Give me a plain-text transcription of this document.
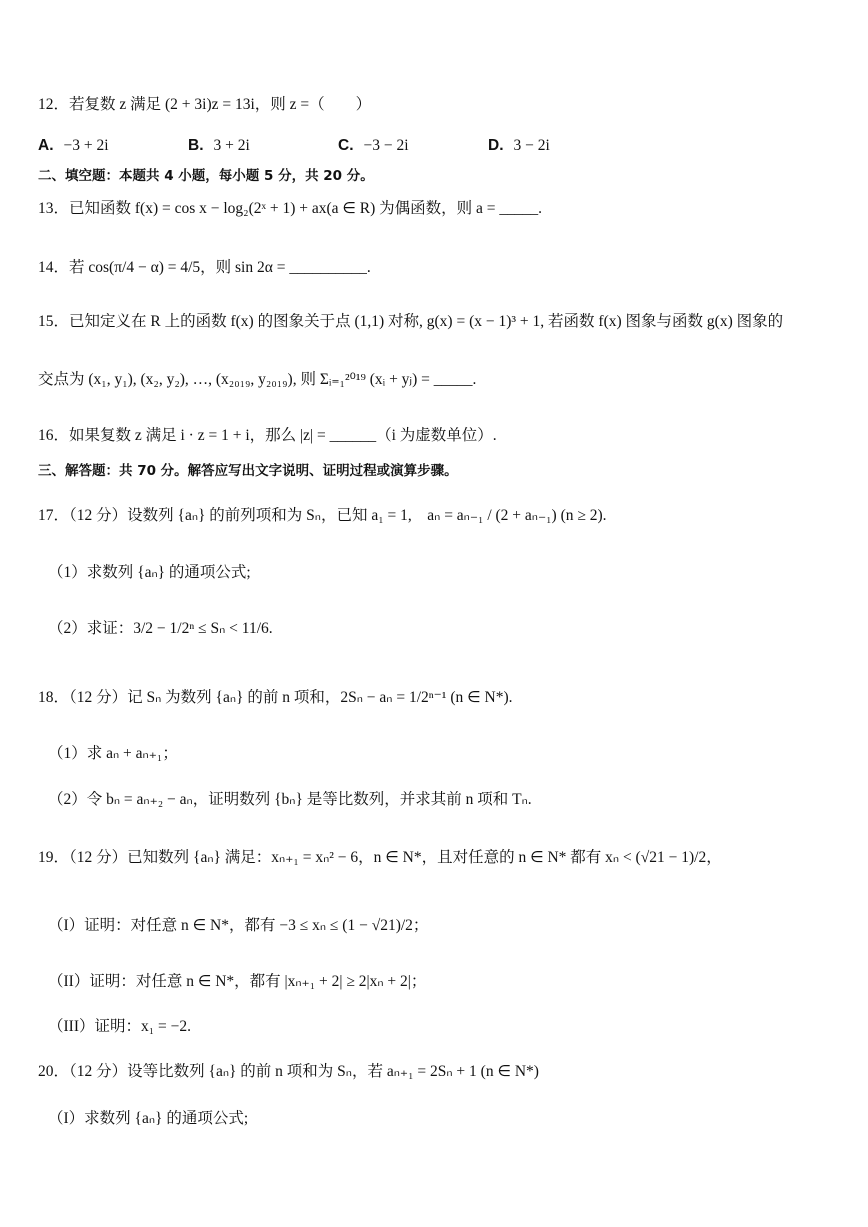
12．若复数 z 满足 (2 + 3i)z = 13i，则 z =（　　）
A. −3 + 2i	B. 3 + 2i	C. −3 − 2i	D. 3 − 2i
二、填空题：本题共 4 小题，每小题 5 分，共 20 分。
13．已知函数 f(x) = cos x − log₂(2ˣ + 1) + ax(a ∈ R) 为偶函数，则 a = _____.
14．若 cos(π/4 − α) = 4/5，则 sin 2α = __________.
15．已知定义在 R 上的函数 f(x) 的图象关于点 (1,1) 对称, g(x) = (x − 1)³ + 1, 若函数 f(x) 图象与函数 g(x) 图象的
交点为 (x₁, y₁), (x₂, y₂), …, (x₂₀₁₉, y₂₀₁₉), 则 Σᵢ₌₁²⁰¹⁹ (xᵢ + yⱼ) = _____.
16．如果复数 z 满足 i · z = 1 + i，那么 |z| = ______（i 为虚数单位）.
三、解答题：共 70 分。解答应写出文字说明、证明过程或演算步骤。
17．（12 分）设数列 {aₙ} 的前列项和为 Sₙ，已知 a₁ = 1,　aₙ = aₙ₋₁ / (2 + aₙ₋₁) (n ≥ 2).
（1）求数列 {aₙ} 的通项公式;
（2）求证：3/2 − 1/2ⁿ ≤ Sₙ < 11/6.
18．（12 分）记 Sₙ 为数列 {aₙ} 的前 n 项和，2Sₙ − aₙ = 1/2ⁿ⁻¹ (n ∈ N*).
（1）求 aₙ + aₙ₊₁；
（2）令 bₙ = aₙ₊₂ − aₙ，证明数列 {bₙ} 是等比数列，并求其前 n 项和 Tₙ.
19．（12 分）已知数列 {aₙ} 满足：xₙ₊₁ = xₙ² − 6，n ∈ N*，且对任意的 n ∈ N* 都有 xₙ < (√21 − 1)/2，
（I）证明：对任意 n ∈ N*，都有 −3 ≤ xₙ ≤ (1 − √21)/2；
（II）证明：对任意 n ∈ N*，都有 |xₙ₊₁ + 2| ≥ 2|xₙ + 2|；
（III）证明：x₁ = −2.
20．（12 分）设等比数列 {aₙ} 的前 n 项和为 Sₙ，若 aₙ₊₁ = 2Sₙ + 1 (n ∈ N*)
（I）求数列 {aₙ} 的通项公式;
